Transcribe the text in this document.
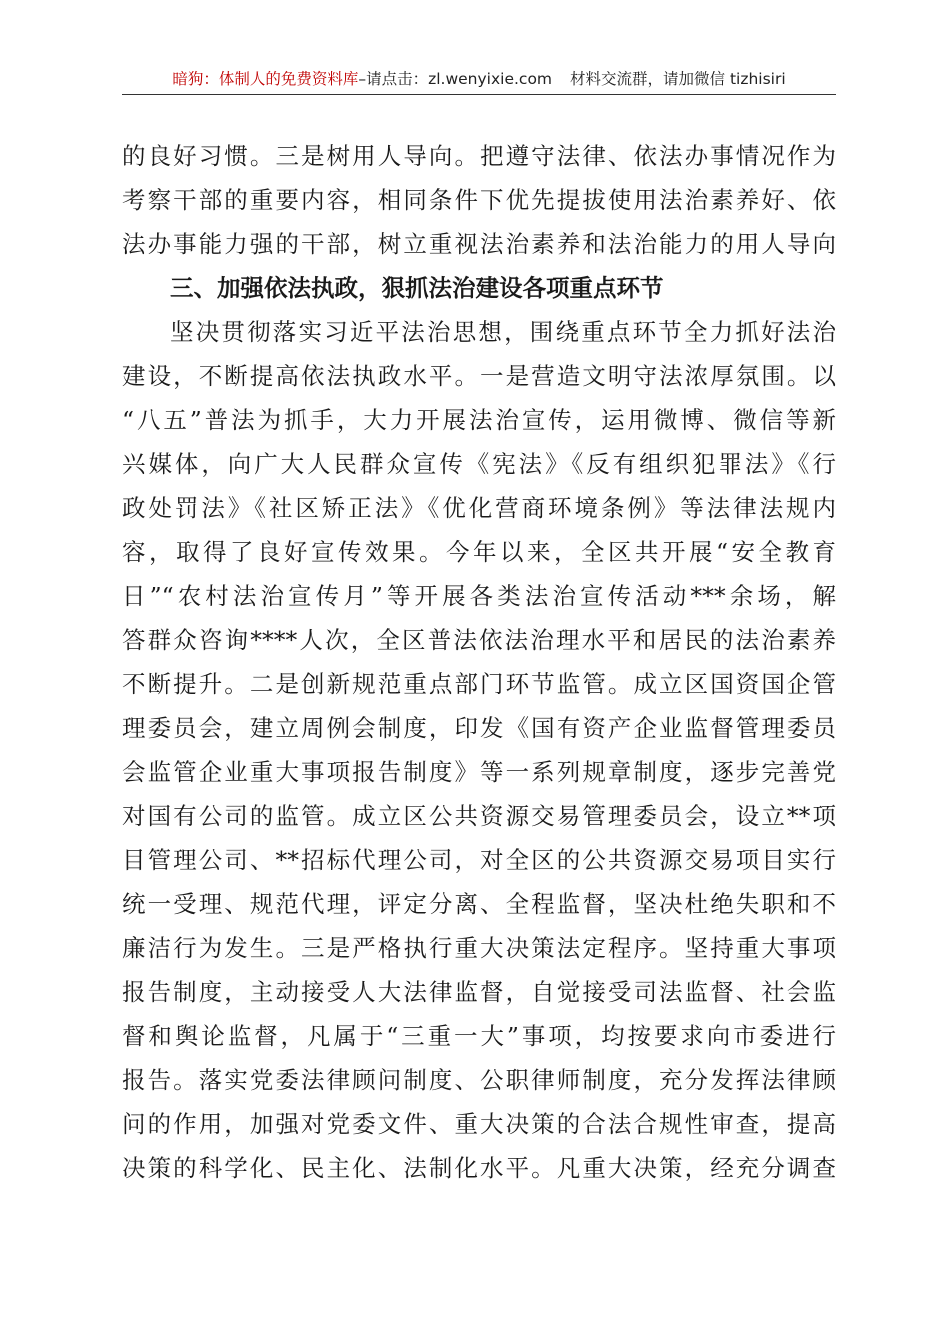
暗狗：体制人的免费资料库–请点击：zl.wenyixie.com 材料交流群，请加微信 tizhisiri
的良好习惯。三是树用人导向。把遵守法律、依法办事情况作为
考察干部的重要内容，相同条件下优先提拔使用法治素养好、依
法办事能力强的干部，树立重视法治素养和法治能力的用人导向
三、加强依法执政，狠抓法治建设各项重点环节
坚决贯彻落实习近平法治思想，围绕重点环节全力抓好法治
建设，不断提高依法执政水平。一是营造文明守法浓厚氛围。以
“八五”普法为抓手，大力开展法治宣传，运用微博、微信等新
兴媒体，向广大人民群众宣传《宪法》《反有组织犯罪法》《行
政处罚法》《社区矫正法》《优化营商环境条例》等法律法规内
容，取得了良好宣传效果。今年以来，全区共开展“安全教育
日”“农村法治宣传月”等开展各类法治宣传活动***余场，解
答群众咨询****人次，全区普法依法治理水平和居民的法治素养
不断提升。二是创新规范重点部门环节监管。成立区国资国企管
理委员会，建立周例会制度，印发《国有资产企业监督管理委员
会监管企业重大事项报告制度》等一系列规章制度，逐步完善党
对国有公司的监管。成立区公共资源交易管理委员会，设立**项
目管理公司、**招标代理公司，对全区的公共资源交易项目实行
统一受理、规范代理，评定分离、全程监督，坚决杜绝失职和不
廉洁行为发生。三是严格执行重大决策法定程序。坚持重大事项
报告制度，主动接受人大法律监督，自觉接受司法监督、社会监
督和舆论监督，凡属于“三重一大”事项，均按要求向市委进行
报告。落实党委法律顾问制度、公职律师制度，充分发挥法律顾
问的作用，加强对党委文件、重大决策的合法合规性审查，提高
决策的科学化、民主化、法制化水平。凡重大决策，经充分调查
